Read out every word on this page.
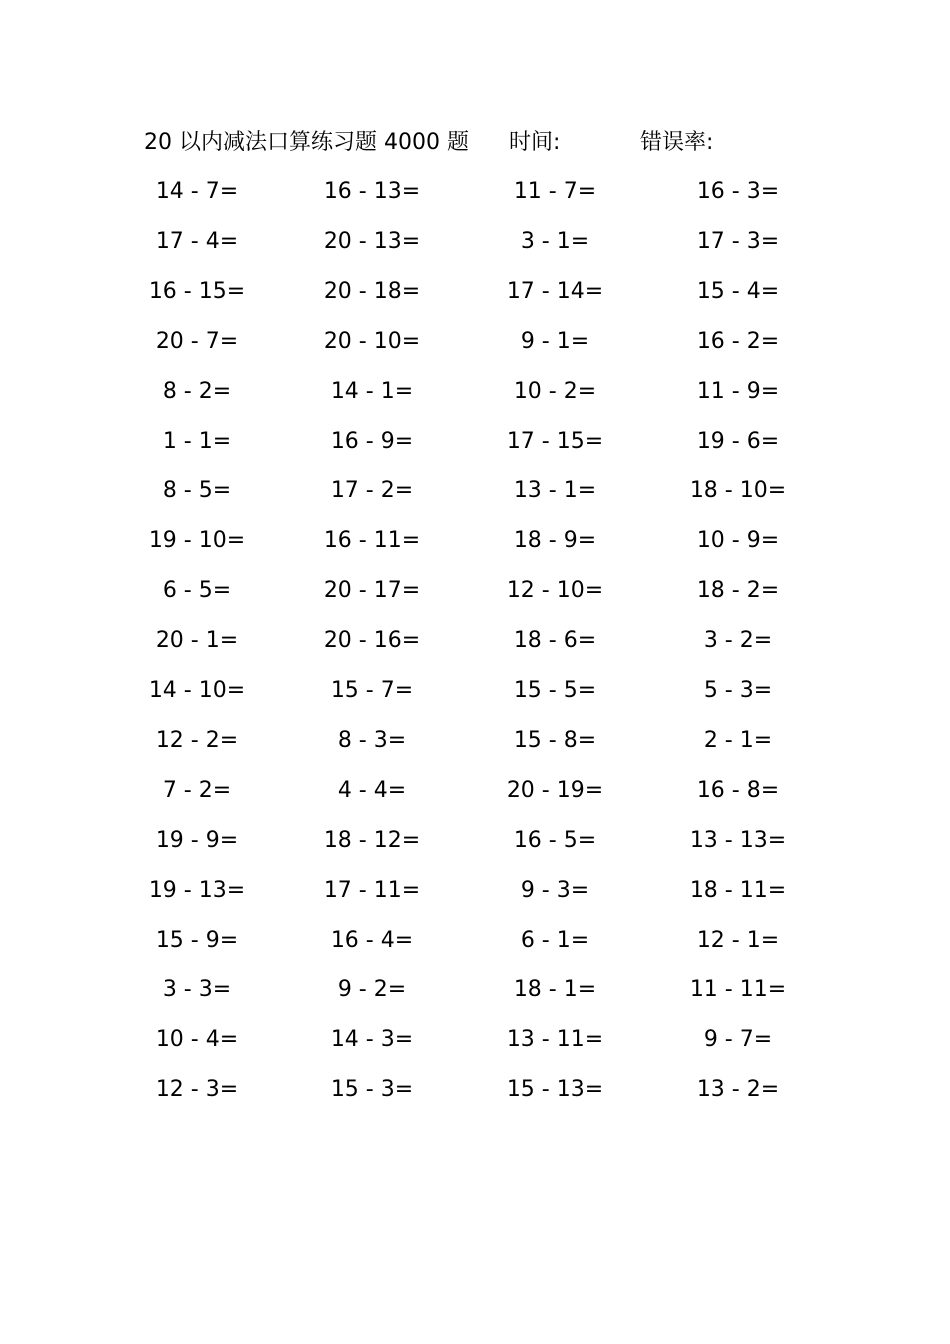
20 以内减法口算练习题 4000 题 时间:	错误率:
14 - 7=	16 - 13=	11 - 7=	16 - 3=
17 - 4=	20 - 13=	3 - 1=	17 - 3=
16 - 15=	20 - 18=	17 - 14=	15 - 4=
20 - 7=	20 - 10=	9 - 1=	16 - 2=
8 - 2=	14 - 1=	10 - 2=	11 - 9=
1 - 1=	16 - 9=	17 - 15=	19 - 6=
8 - 5=	17 - 2=	13 - 1=	18 - 10=
19 - 10=	16 - 11=	18 - 9=	10 - 9=
6 - 5=	20 - 17=	12 - 10=	18 - 2=
20 - 1=	20 - 16=	18 - 6=	3 - 2=
14 - 10=	15 - 7=	15 - 5=	5 - 3=
12 - 2=	8 - 3=	15 - 8=	2 - 1=
7 - 2=	4 - 4=	20 - 19=	16 - 8=
19 - 9=	18 - 12=	16 - 5=	13 - 13=
19 - 13=	17 - 11=	9 - 3=	18 - 11=
15 - 9=	16 - 4=	6 - 1=	12 - 1=
3 - 3=	9 - 2=	18 - 1=	11 - 11=
10 - 4=	14 - 3=	13 - 11=	9 - 7=
12 - 3=	15 - 3=	15 - 13=	13 - 2=
